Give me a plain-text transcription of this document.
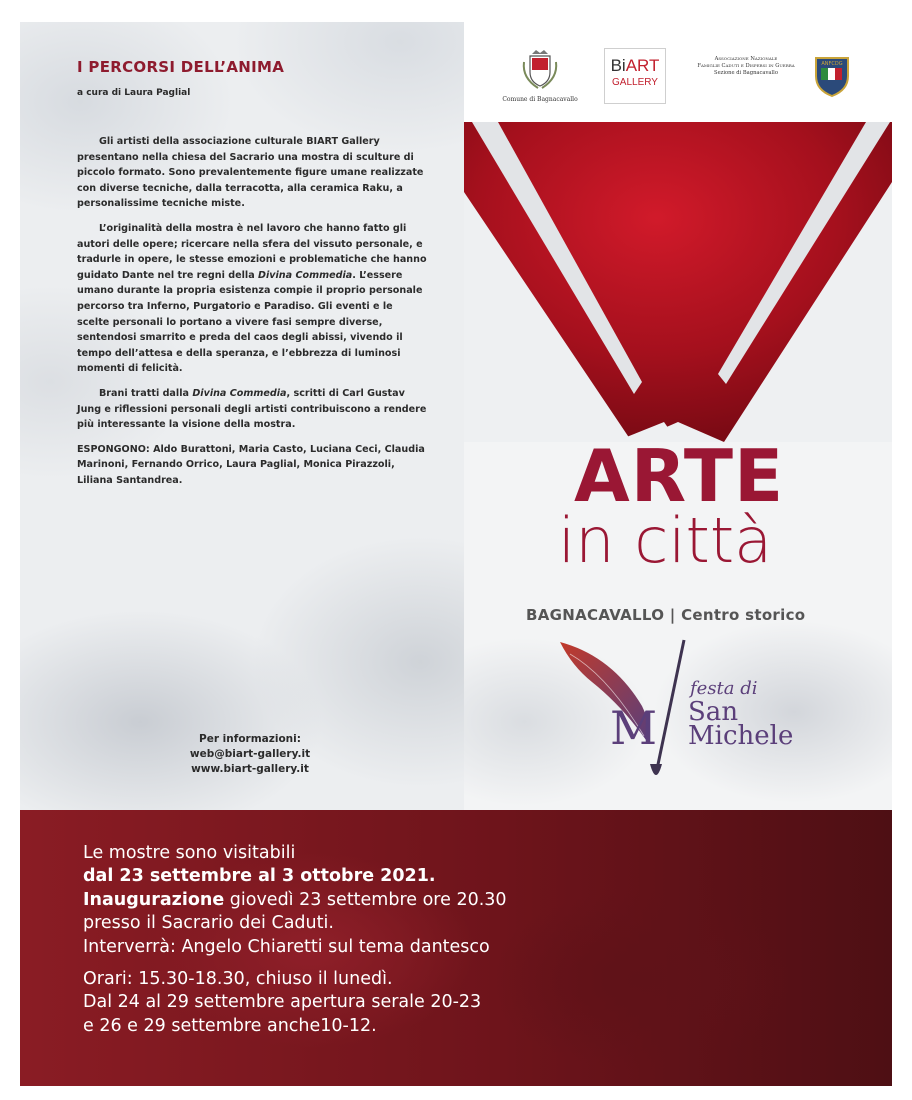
I PERCORSI DELL’ANIMA

a cura di Laura Paglial

Gli artisti della associazione culturale BIART Gallery presentano nella chiesa del Sacrario una mostra di sculture di piccolo formato. Sono prevalentemente figure umane realizzate con diverse tecniche, dalla terracotta, alla ceramica Raku, a personalissime tecniche miste.

L’originalità della mostra è nel lavoro che hanno fatto gli autori delle opere; ricercare nella sfera del vissuto personale, e tradurle in opere, le stesse emozioni e problematiche che hanno guidato Dante nel tre regni della Divina Commedia. L’essere umano durante la propria esistenza compie il proprio personale percorso tra Inferno, Purgatorio e Paradiso. Gli eventi e le scelte personali lo portano a vivere fasi sempre diverse, sentendosi smarrito e preda del caos degli abissi, vivendo il tempo dell’attesa e della speranza, e l’ebbrezza di luminosi momenti di felicità.

Brani tratti dalla Divina Commedia, scritti di Carl Gustav Jung e riflessioni personali degli artisti contribuiscono a rendere più interessante la visione della mostra.

ESPONGONO: Aldo Burattoni, Maria Casto, Luciana Ceci, Claudia Marinoni, Fernando Orrico, Laura Paglial, Monica Pirazzoli, Liliana Santandrea.

Per informazioni:
web@biart-gallery.it
www.biart-gallery.it
Comune di Bagnacavallo
BiART
GALLERY
Associazione Nazionale
Famiglie Caduti e Dispersi in Guerra
Sezione di Bagnacavallo
ANFCDG
ARTE
in città

BAGNACAVALLO | Centro storico

M
festa di
San
Michele

Le mostre sono visitabili
dal 23 settembre al 3 ottobre 2021.
Inaugurazione giovedì 23 settembre ore 20.30
presso il Sacrario dei Caduti.
Interverrà: Angelo Chiaretti sul tema dantesco

Orari: 15.30-18.30, chiuso il lunedì.
Dal 24 al 29 settembre apertura serale 20-23
e 26 e 29 settembre anche10-12.
